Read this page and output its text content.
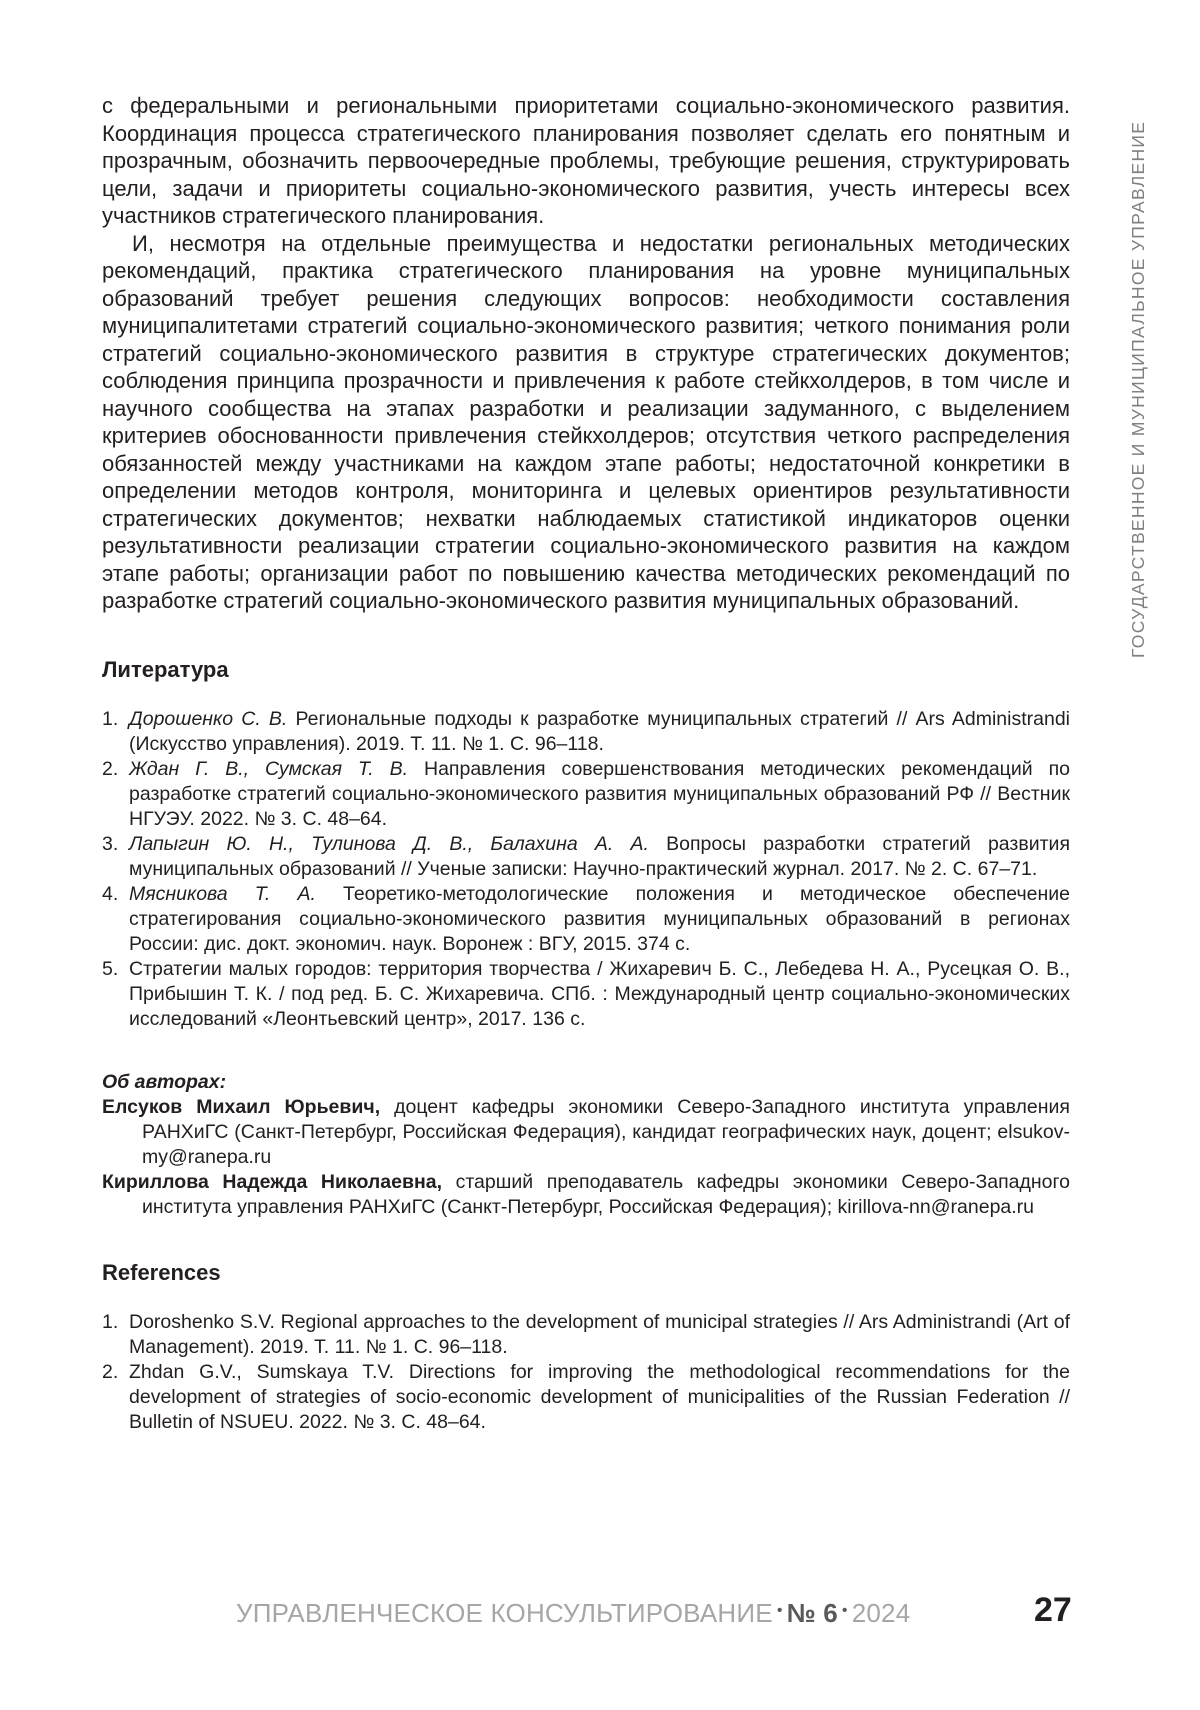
с федеральными и региональными приоритетами социально-экономического развития. Координация процесса стратегического планирования позволяет сделать его понятным и прозрачным, обозначить первоочередные проблемы, требующие решения, структурировать цели, задачи и приоритеты социально-экономического развития, учесть интересы всех участников стратегического планирования.

И, несмотря на отдельные преимущества и недостатки региональных методических рекомендаций, практика стратегического планирования на уровне муниципальных образований требует решения следующих вопросов: необходимости составления муниципалитетами стратегий социально-экономического развития; четкого понимания роли стратегий социально-экономического развития в структуре стратегических документов; соблюдения принципа прозрачности и привлечения к работе стейкхолдеров, в том числе и научного сообщества на этапах разработки и реализации задуманного, с выделением критериев обоснованности привлечения стейкхолдеров; отсутствия четкого распределения обязанностей между участниками на каждом этапе работы; недостаточной конкретики в определении методов контроля, мониторинга и целевых ориентиров результативности стратегических документов; нехватки наблюдаемых статистикой индикаторов оценки результативности реализации стратегии социально-экономического развития на каждом этапе работы; организации работ по повышению качества методических рекомендаций по разработке стратегий социально-экономического развития муниципальных образований.

Литература
1. Дорошенко С. В. Региональные подходы к разработке муниципальных стратегий // Ars Administrandi (Искусство управления). 2019. Т. 11. № 1. С. 96–118.
2. Ждан Г. В., Сумская Т. В. Направления совершенствования методических рекомендаций по разработке стратегий социально-экономического развития муниципальных образований РФ // Вестник НГУЭУ. 2022. № 3. С. 48–64.
3. Лапыгин Ю. Н., Тулинова Д. В., Балахина А. А. Вопросы разработки стратегий развития муниципальных образований // Ученые записки: Научно-практический журнал. 2017. № 2. С. 67–71.
4. Мясникова Т. А. Теоретико-методологические положения и методическое обеспечение стратегирования социально-экономического развития муниципальных образований в регионах России: дис. докт. экономич. наук. Воронеж : ВГУ, 2015. 374 с.
5. Стратегии малых городов: территория творчества / Жихаревич Б. С., Лебедева Н. А., Русецкая О. В., Прибышин Т. К. / под ред. Б. С. Жихаревича. СПб. : Международный центр социально-экономических исследований «Леонтьевский центр», 2017. 136 с.

Об авторах:

Елсуков Михаил Юрьевич, доцент кафедры экономики Северо-Западного института управления РАНХиГС (Санкт-Петербург, Российская Федерация), кандидат географических наук, доцент; elsukov-my@ranepa.ru

Кириллова Надежда Николаевна, старший преподаватель кафедры экономики Северо-Западного института управления РАНХиГС (Санкт-Петербург, Российская Федерация); kirillova-nn@ranepa.ru

References
1. Doroshenko S.V. Regional approaches to the development of municipal strategies // Ars Administrandi (Art of Management). 2019. T. 11. № 1. C. 96–118.
2. Zhdan G.V., Sumskaya T.V. Directions for improving the methodological recommendations for the development of strategies of socio-economic development of municipalities of the Russian Federation // Bulletin of NSUEU. 2022. № 3. C. 48–64.
ГОСУДАРСТВЕННОЕ И МУНИЦИПАЛЬНОЕ УПРАВЛЕНИЕ
УПРАВЛЕНЧЕСКОЕ КОНСУЛЬТИРОВАНИЕ • № 6 • 2024	27
